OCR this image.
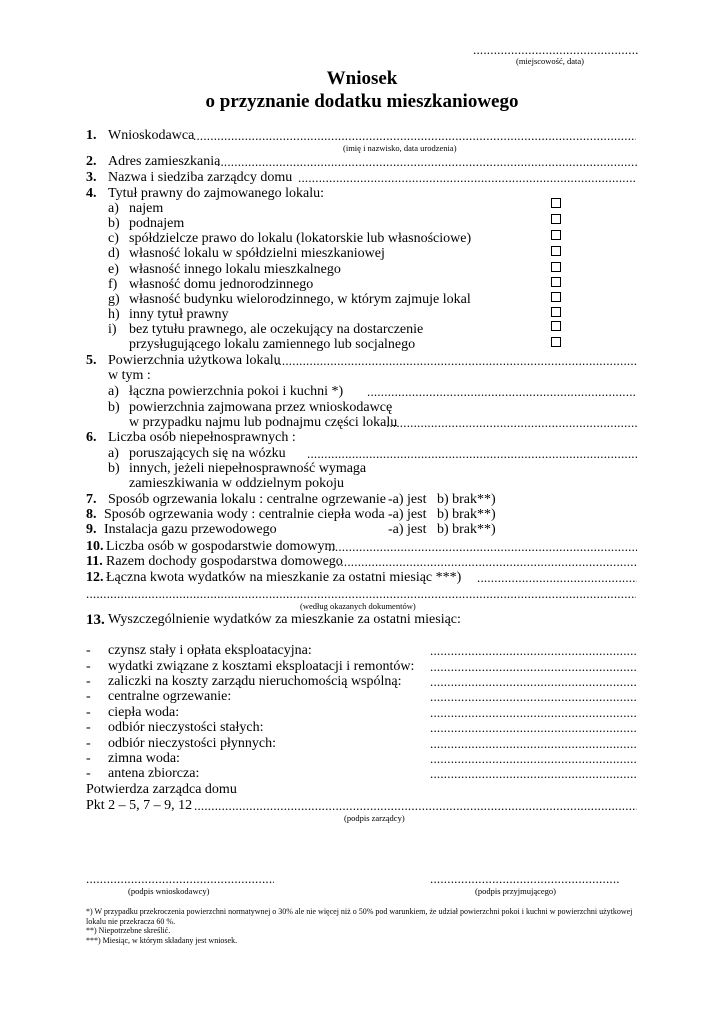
.....
(miejscowość, data)
Wniosek
o przyznanie dodatku mieszkaniowego
1. Wnioskodawca
.....
(imię i nazwisko, data urodzenia)
2. Adres zamieszkania
.....
3. Nazwa i siedziba zarządcy domu
.....
4. Tytuł prawny do zajmowanego lokalu:
a) najem
b) podnajem
c) spółdzielcze prawo do lokalu (lokatorskie lub własnościowe)
d) własność lokalu w spółdzielni mieszkaniowej
e) własność innego lokalu mieszkalnego
f) własność domu jednorodzinnego
g) własność budynku wielorodzinnego, w którym zajmuje lokal
h) inny tytuł prawny
i) bez tytułu prawnego, ale oczekujący na dostarczenie
przysługującego lokalu zamiennego lub socjalnego
5. Powierzchnia użytkowa lokalu
.....
w tym :
a) łączna powierzchnia pokoi i kuchni *)
.....
b) powierzchnia zajmowana przez wnioskodawcę
w przypadku najmu lub podnajmu części lokalu
.....
6. Liczba osób niepełnosprawnych :
a) poruszających się na wózku
.....
b) innych, jeżeli niepełnosprawność wymaga
zamieszkiwania w oddzielnym pokoju
7. Sposób ogrzewania lokalu : centralne ogrzewanie -a) jest   b) brak**)
8. Sposób ogrzewania wody : centralnie ciepła woda -a) jest   b) brak**)
9. Instalacja gazu przewodowego	-a) jest   b) brak**)
10. Liczba osób w gospodarstwie domowym
.....
11. Razem dochody gospodarstwa domowego
.....
12. Łączna kwota wydatków na mieszkanie za ostatni miesiąc ***)
.....
.....
(według okazanych dokumentów)
13. Wyszczególnienie wydatków za mieszkanie za ostatni miesiąc:
- czynsz stały i opłata eksploatacyjna:
.....
- wydatki związane z kosztami eksploatacji i remontów:
.....
- zaliczki na koszty zarządu nieruchomością wspólną:
.....
- centralne ogrzewanie:
.....
- ciepła woda:
.....
- odbiór nieczystości stałych:
.....
- odbiór nieczystości płynnych:
.....
- zimna woda:
.....
- antena zbiorcza:
.....
Potwierdza zarządca domu
Pkt 2 – 5, 7 – 9, 12
.....
(podpis zarządcy)
.....
(podpis wnioskodawcy)
.....	(podpis przyjmującego)
*) W przypadku przekroczenia powierzchni normatywnej o 30% ale nie więcej niż o 50% pod warunkiem, że udział powierzchni pokoi i kuchni w powierzchni użytkowej lokalu nie przekracza 60 %.
**) Niepotrzebne skreślić.
***) Miesiąc, w którym składany jest wniosek.
